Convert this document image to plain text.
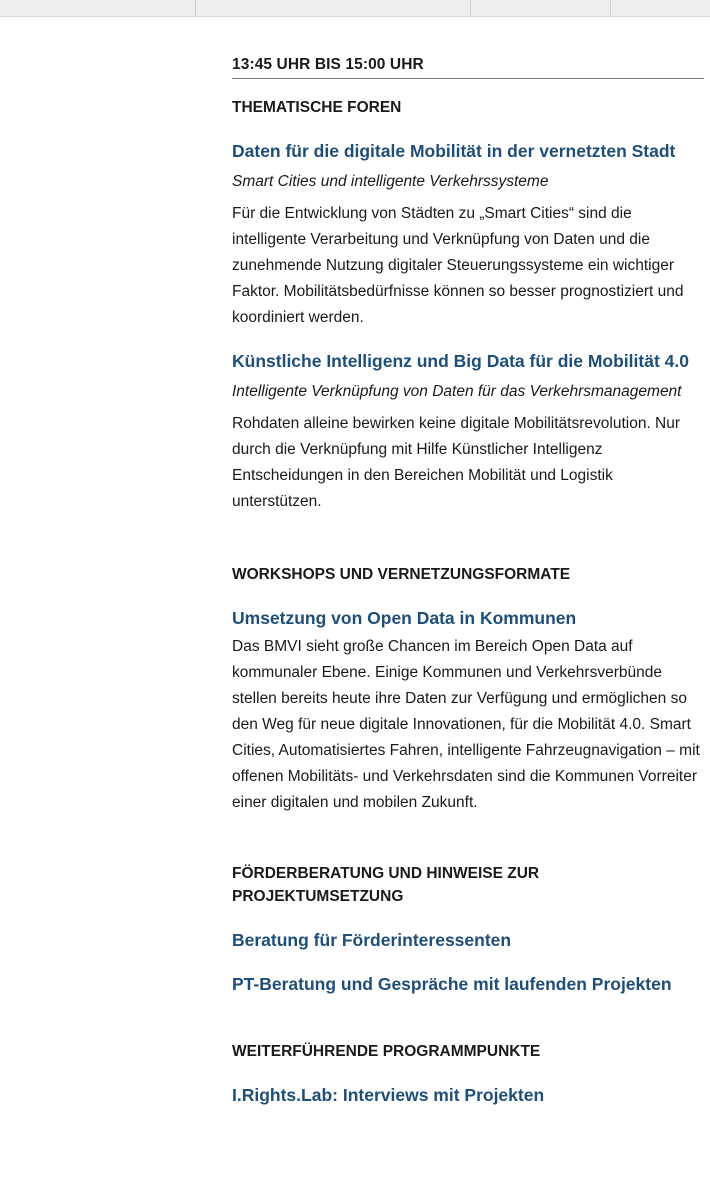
13:45 UHR BIS 15:00 UHR
THEMATISCHE FOREN
Daten für die digitale Mobilität in der vernetzten Stadt

Smart Cities und intelligente Verkehrssysteme

Für die Entwicklung von Städten zu „Smart Cities“ sind die intelligente Verarbeitung und Verknüpfung von Daten und die zunehmende Nutzung digitaler Steuerungssysteme ein wichtiger Faktor. Mobilitätsbedürfnisse können so besser prognostiziert und koordiniert werden.

Künstliche Intelligenz und Big Data für die Mobilität 4.0

Intelligente Verknüpfung von Daten für das Verkehrsmanagement

Rohdaten alleine bewirken keine digitale Mobilitätsrevolution. Nur durch die Verknüpfung mit Hilfe Künstlicher Intelligenz Entscheidungen in den Bereichen Mobilität und Logistik unterstützen.

WORKSHOPS UND VERNETZUNGSFORMATE
Umsetzung von Open Data in Kommunen

Das BMVI sieht große Chancen im Bereich Open Data auf kommunaler Ebene. Einige Kommunen und Verkehrsverbünde stellen bereits heute ihre Daten zur Verfügung und ermöglichen so den Weg für neue digitale Innovationen, für die Mobilität 4.0. Smart Cities, Automatisiertes Fahren, intelligente Fahrzeugnavigation – mit offenen Mobilitäts- und Verkehrsdaten sind die Kommunen Vorreiter einer digitalen und mobilen Zukunft.

FÖRDERBERATUNG UND HINWEISE ZUR
PROJEKTUMSETZUNG
Beratung für Förderinteressenten
PT-Beratung und Gespräche mit laufenden Projekten
WEITERFÜHRENDE PROGRAMMPUNKTE
I.Rights.Lab: Interviews mit Projekten
